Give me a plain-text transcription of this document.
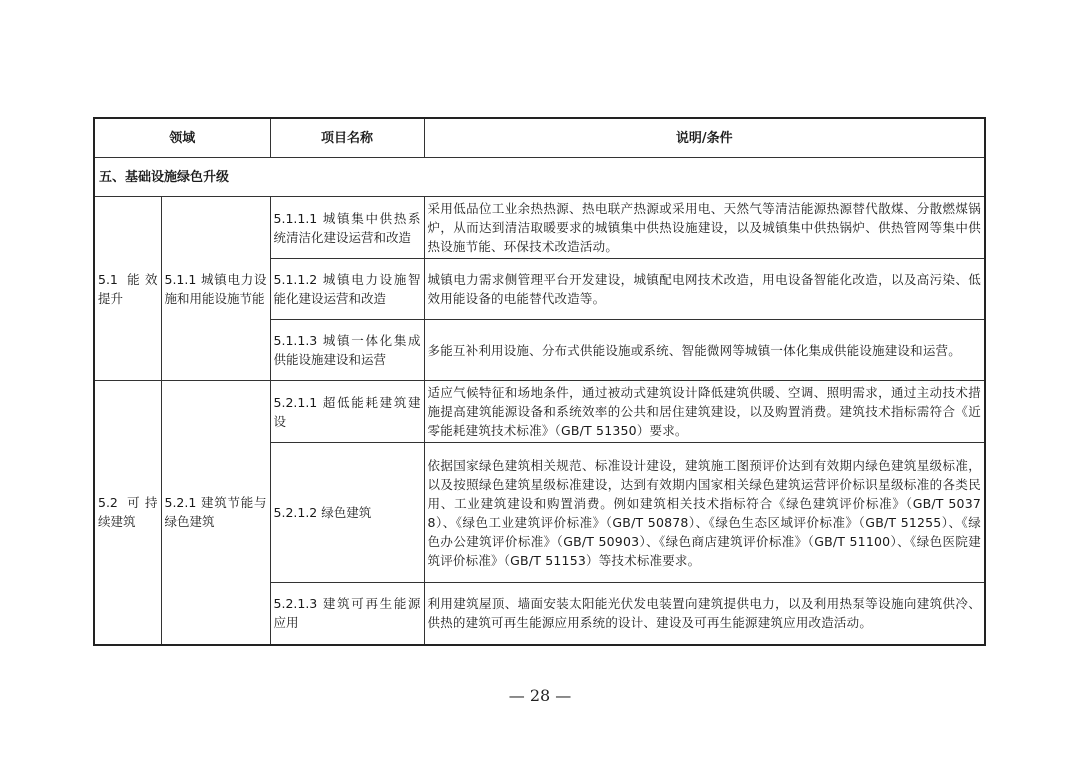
领域		项目名称	说明/条件
五、基础设施绿色升级			
5.1 能效提升	5.1.1 城镇电力设施和用能设施节能	5.1.1.1 城镇集中供热系统清洁化建设运营和改造	采用低品位工业余热热源、热电联产热源或采用电、天然气等清洁能源热源替代散煤、分散燃煤锅炉，从而达到清洁取暖要求的城镇集中供热设施建设，以及城镇集中供热锅炉、供热管网等集中供热设施节能、环保技术改造活动。
		5.1.1.2 城镇电力设施智能化建设运营和改造	城镇电力需求侧管理平台开发建设，城镇配电网技术改造，用电设备智能化改造，以及高污染、低效用能设备的电能替代改造等。
		5.1.1.3 城镇一体化集成供能设施建设和运营	多能互补利用设施、分布式供能设施或系统、智能微网等城镇一体化集成供能设施建设和运营。
5.2 可持续建筑	5.2.1 建筑节能与绿色建筑	5.2.1.1 超低能耗建筑建设	适应气候特征和场地条件，通过被动式建筑设计降低建筑供暖、空调、照明需求，通过主动技术措施提高建筑能源设备和系统效率的公共和居住建筑建设，以及购置消费。建筑技术指标需符合《近零能耗建筑技术标准》（GB/T 51350）要求。
		5.2.1.2 绿色建筑	依据国家绿色建筑相关规范、标准设计建设，建筑施工图预评价达到有效期内绿色建筑星级标准，以及按照绿色建筑星级标准建设，达到有效期内国家相关绿色建筑运营评价标识星级标准的各类民用、工业建筑建设和购置消费。例如建筑相关技术指标符合《绿色建筑评价标准》（GB/T 50378）、《绿色工业建筑评价标准》（GB/T 50878）、《绿色生态区域评价标准》（GB/T 51255）、《绿色办公建筑评价标准》（GB/T 50903）、《绿色商店建筑评价标准》（GB/T 51100）、《绿色医院建筑评价标准》（GB/T 51153）等技术标准要求。
		5.2.1.3 建筑可再生能源应用	利用建筑屋顶、墙面安装太阳能光伏发电装置向建筑提供电力，以及利用热泵等设施向建筑供冷、供热的建筑可再生能源应用系统的设计、建设及可再生能源建筑应用改造活动。
— 28 —
